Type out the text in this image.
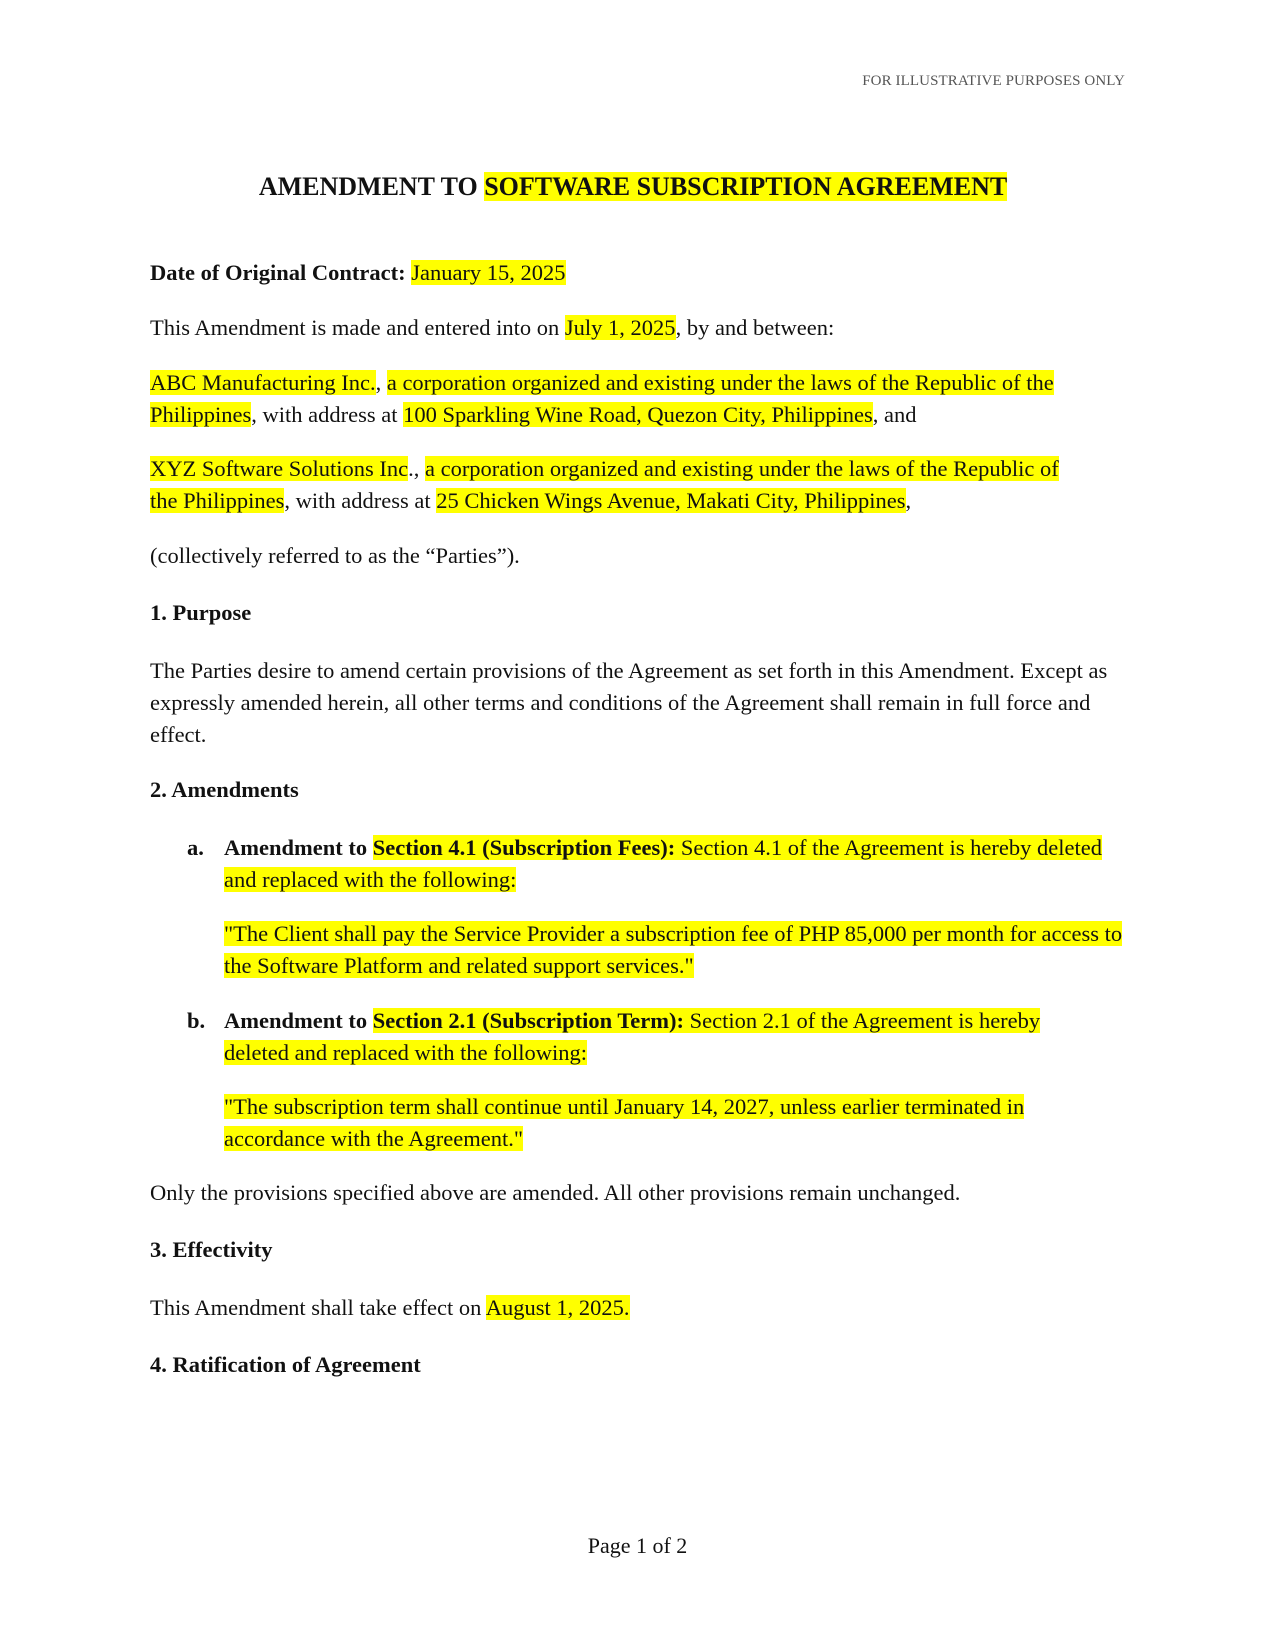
FOR ILLUSTRATIVE PURPOSES ONLY
AMENDMENT TO SOFTWARE SUBSCRIPTION AGREEMENT

Date of Original Contract: January 15, 2025

This Amendment is made and entered into on July 1, 2025, by and between:

ABC Manufacturing Inc., a corporation organized and existing under the laws of the Republic of the Philippines, with address at 100 Sparkling Wine Road, Quezon City, Philippines, and

XYZ Software Solutions Inc., a corporation organized and existing under the laws of the Republic of the Philippines, with address at 25 Chicken Wings Avenue, Makati City, Philippines,

(collectively referred to as the “Parties”).

1. Purpose

The Parties desire to amend certain provisions of the Agreement as set forth in this Amendment. Except as expressly amended herein, all other terms and conditions of the Agreement shall remain in full force and effect.

2. Amendments
a. Amendment to Section 4.1 (Subscription Fees): Section 4.1 of the Agreement is hereby deleted and replaced with the following:

"The Client shall pay the Service Provider a subscription fee of PHP 85,000 per month for access to the Software Platform and related support services."

b. Amendment to Section 2.1 (Subscription Term): Section 2.1 of the Agreement is hereby deleted and replaced with the following:

"The subscription term shall continue until January 14, 2027, unless earlier terminated in accordance with the Agreement."

Only the provisions specified above are amended. All other provisions remain unchanged.

3. Effectivity

This Amendment shall take effect on August 1, 2025.

4. Ratification of Agreement
Page 1 of 2
